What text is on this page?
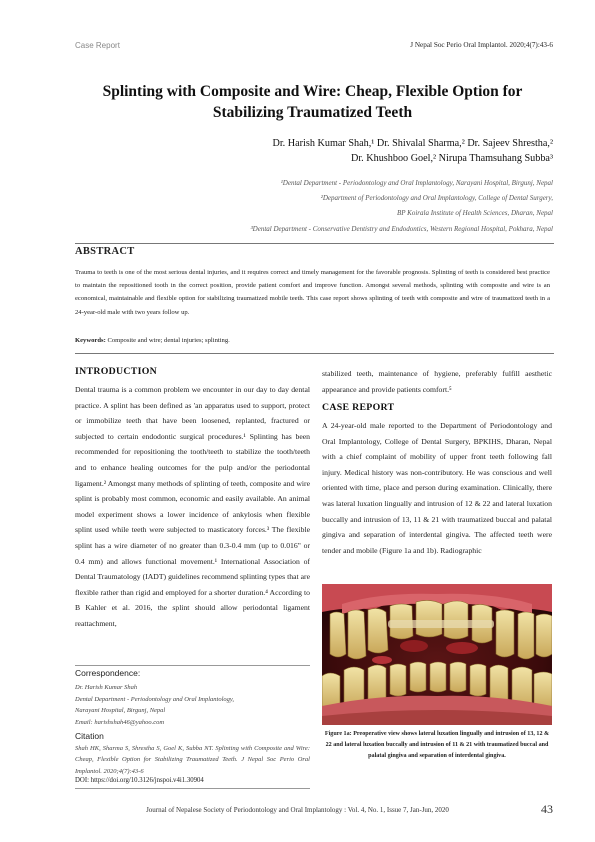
Case Report	J Nepal Soc Perio Oral Implantol. 2020;4(7):43-6
Splinting with Composite and Wire: Cheap, Flexible Option for
Stabilizing Traumatized Teeth
Dr. Harish Kumar Shah,¹ Dr. Shivalal Sharma,² Dr. Sajeev Shrestha,²
Dr. Khushboo Goel,² Nirupa Thamsuhang Subba³
¹Dental Department - Periodontology and Oral Implantology, Narayani Hospital, Birgunj, Nepal
²Department of Periodontology and Oral Implantology, College of Dental Surgery,
BP Koirala Institute of Health Sciences, Dharan, Nepal
³Dental Department - Conservative Dentistry and Endodontics, Western Regional Hospital, Pokhara, Nepal
ABSTRACT
Trauma to teeth is one of the most serious dental injuries, and it requires correct and timely management for the favorable prognosis. Splinting of teeth is considered best practice to maintain the repositioned tooth in the correct position, provide patient comfort and improve function. Amongst several methods, splinting with composite and wire is an economical, maintainable and flexible option for stabilizing traumatized mobile teeth. This case report shows splinting of teeth with composite and wire of traumatized teeth in a 24-year-old male with two years follow up.
Keywords: Composite and wire; dental injuries; splinting.
INTRODUCTION
Dental trauma is a common problem we encounter in our day to day dental practice. A splint has been defined as 'an apparatus used to support, protect or immobilize teeth that have been loosened, replanted, fractured or subjected to certain endodontic surgical procedures.¹ Splinting has been recommended for repositioning the tooth/teeth to stabilize the tooth/teeth and to enhance healing outcomes for the pulp and/or the periodontal ligament.² Amongst many methods of splinting of teeth, composite and wire splint is probably most common, economic and easily available. An animal model experiment shows a lower incidence of ankylosis when flexible splint used while teeth were subjected to masticatory forces.³ The flexible splint has a wire diameter of no greater than 0.3-0.4 mm (up to 0.016" or 0.4 mm) and allows functional movement.¹ International Association of Dental Traumatology (IADT) guidelines recommend splinting types that are flexible rather than rigid and employed for a shorter duration.⁴ According to B Kahler et al. 2016, the splint should allow periodontal ligament reattachment,
Correspondence:
Dr. Harish Kumar Shah
Dental Department - Periodontology and Oral Implantology,
Narayani Hospital, Birgunj, Nepal
Email: harishshah46@yahoo.com
Citation
Shah HK, Sharma S, Shrestha S, Goel K, Subba NT. Splinting with Composite and Wire: Cheap, Flexible Option for Stabilizing Traumatized Teeth. J Nepal Soc Perio Oral Implantol. 2020;4(7):43-6
DOI: https://doi.org/10.3126/jnspoi.v4i1.30904
stabilized teeth, maintenance of hygiene, preferably fulfill aesthetic appearance and provide patients comfort.⁵
CASE REPORT
A 24-year-old male reported to the Department of Periodontology and Oral Implantology, College of Dental Surgery, BPKIHS, Dharan, Nepal with a chief complaint of mobility of upper front teeth following fall injury. Medical history was non-contributory. He was conscious and well oriented with time, place and person during examination. Clinically, there was lateral luxation lingually and intrusion of 12 & 22 and lateral luxation buccally and intrusion of 13, 11 & 21 with traumatized buccal and palatal gingiva and separation of interdental gingiva. The affected teeth were tender and mobile (Figure 1a and 1b). Radiographic
Figure 1a: Preoperative view shows lateral luxation lingually and intrusion of 13, 12 & 22 and lateral luxation buccally and intrusion of 11 & 21 with traumatized buccal and palatal gingiva and separation of interdental gingiva.
Journal of Nepalese Society of Periodontology and Oral Implantology : Vol. 4, No. 1, Issue 7, Jan-Jun, 2020	43
